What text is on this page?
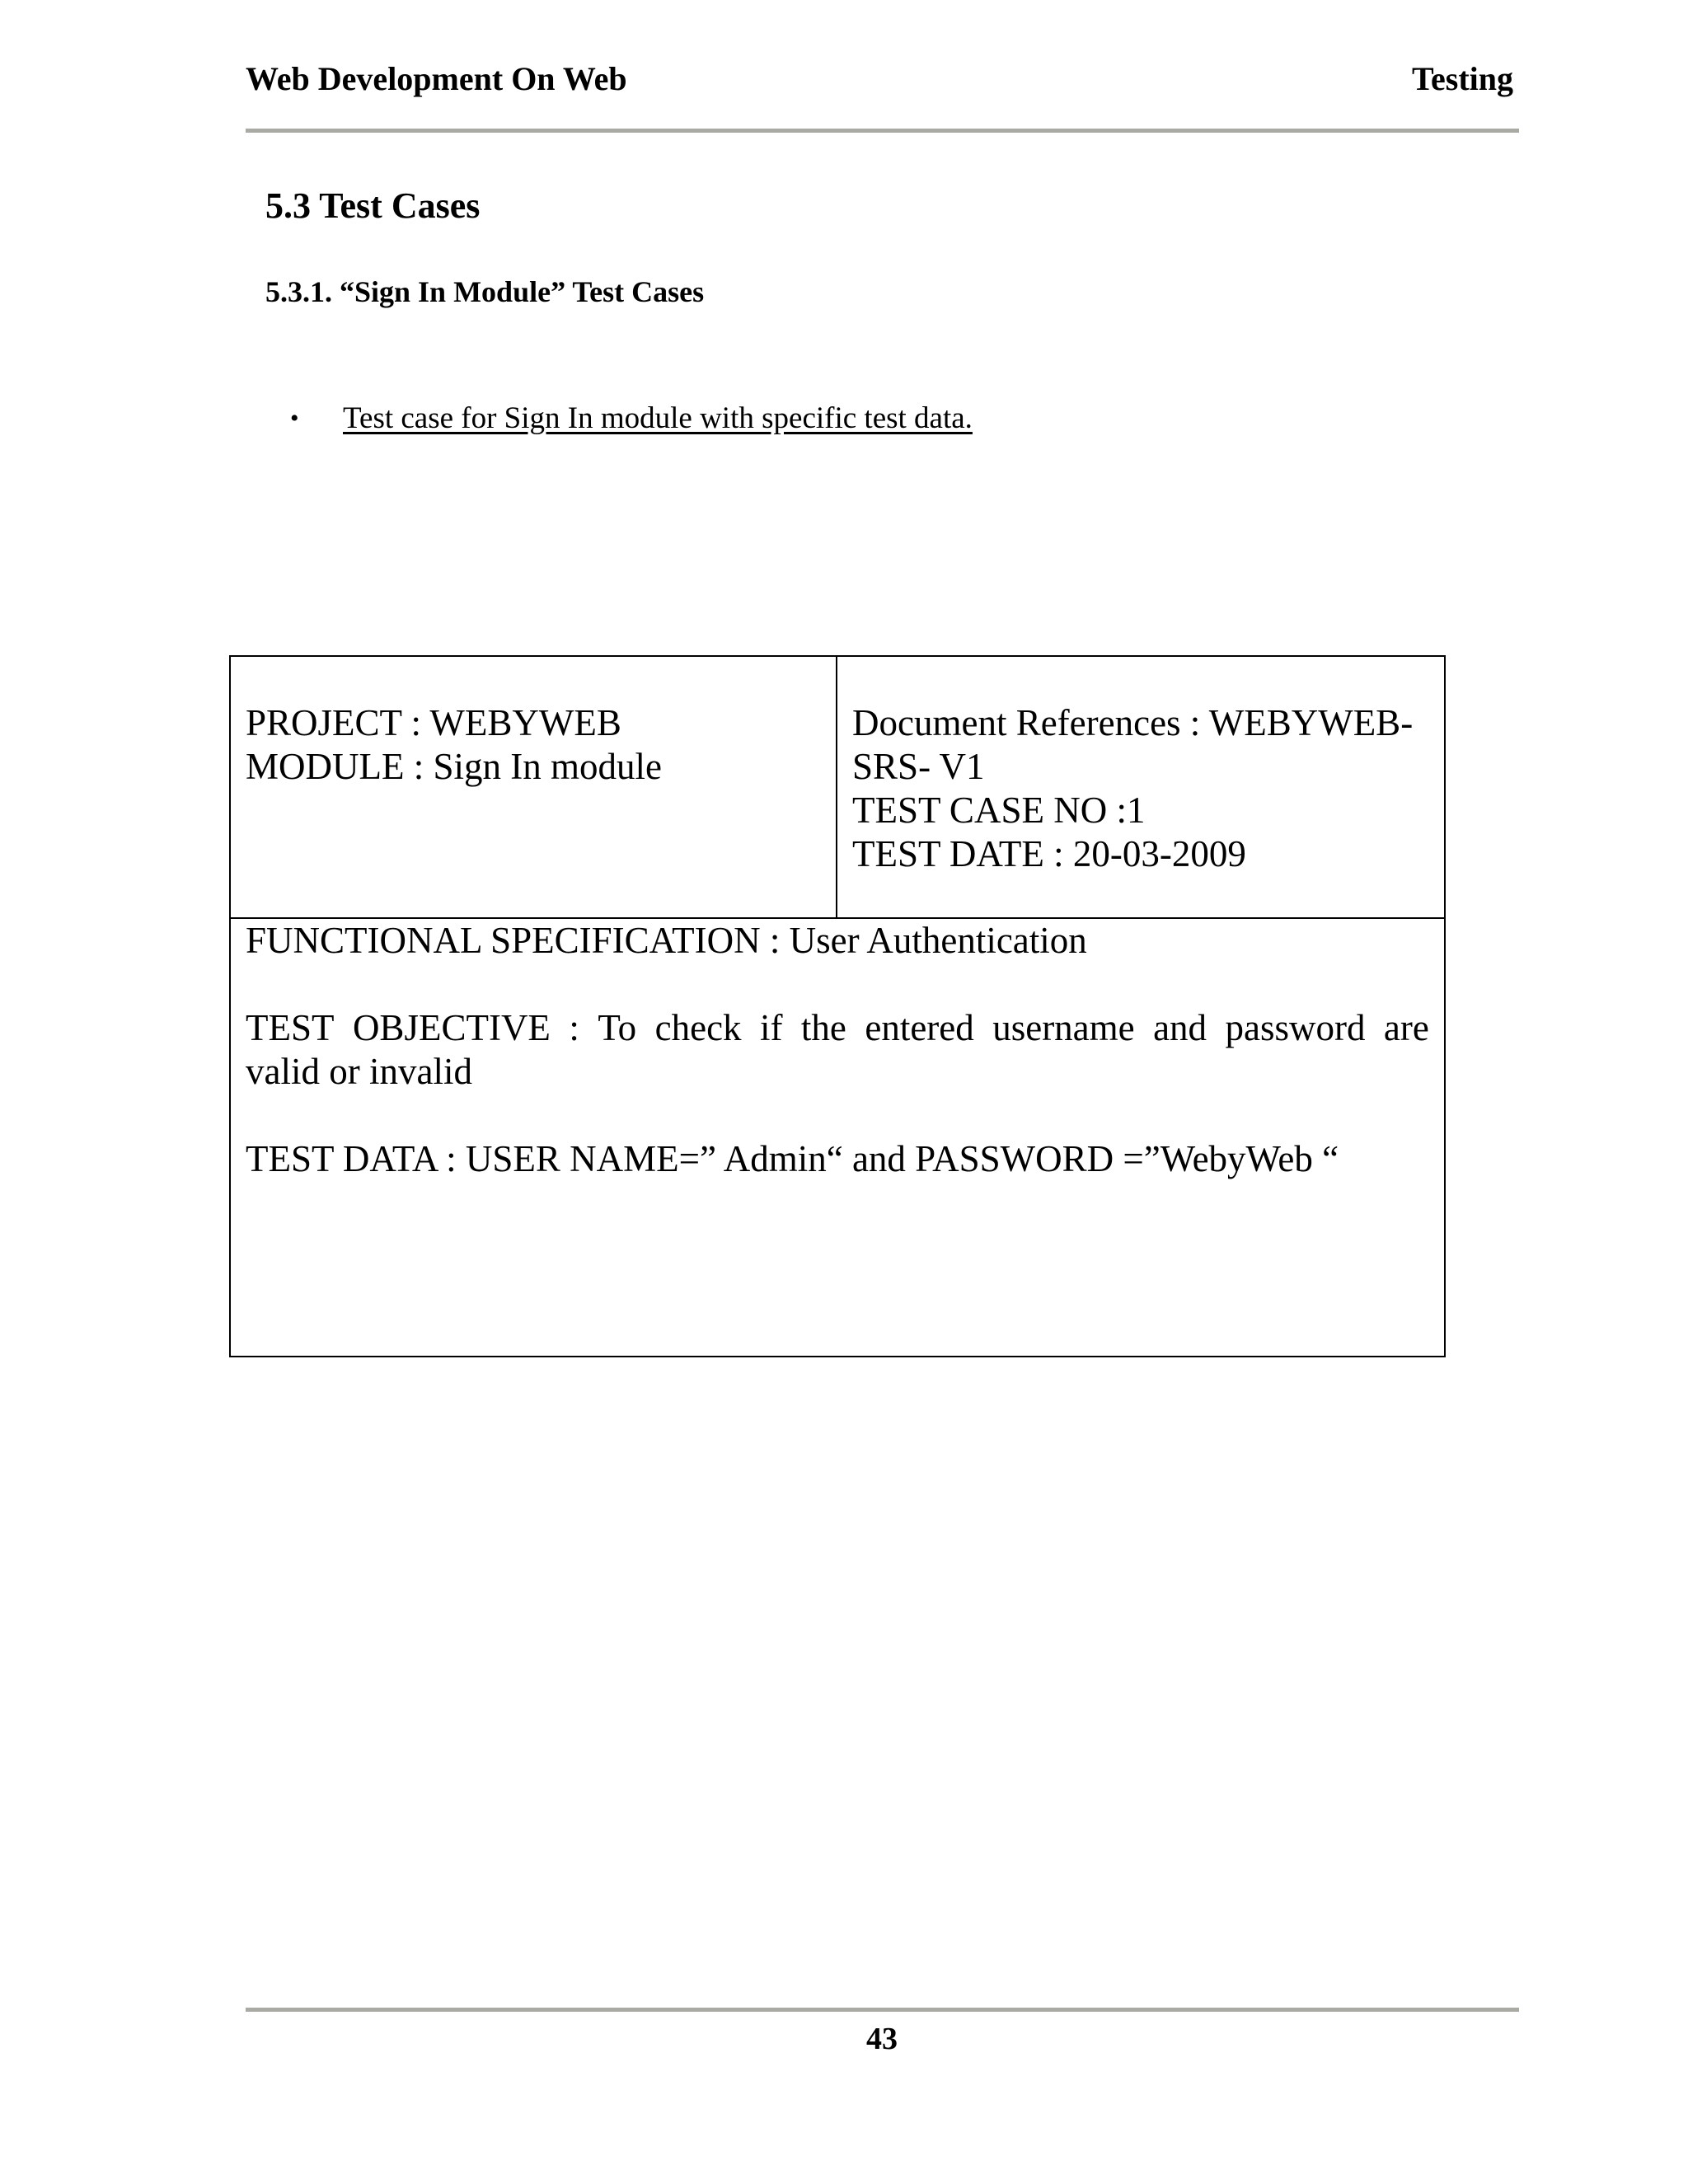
Web Development On Web	Testing
5.3 Test Cases
5.3.1. “Sign In Module” Test Cases
• Test case for Sign In module with specific test data.
PROJECT : WEBYWEB
MODULE : Sign In module
Document References : WEBYWEB-
SRS- V1
TEST CASE NO :1
TEST DATE : 20-03-2009

FUNCTIONAL SPECIFICATION : User Authentication

TEST OBJECTIVE : To check if the entered username and password are
valid or invalid

TEST DATA : USER NAME=” Admin“ and PASSWORD =”WebyWeb “

43
